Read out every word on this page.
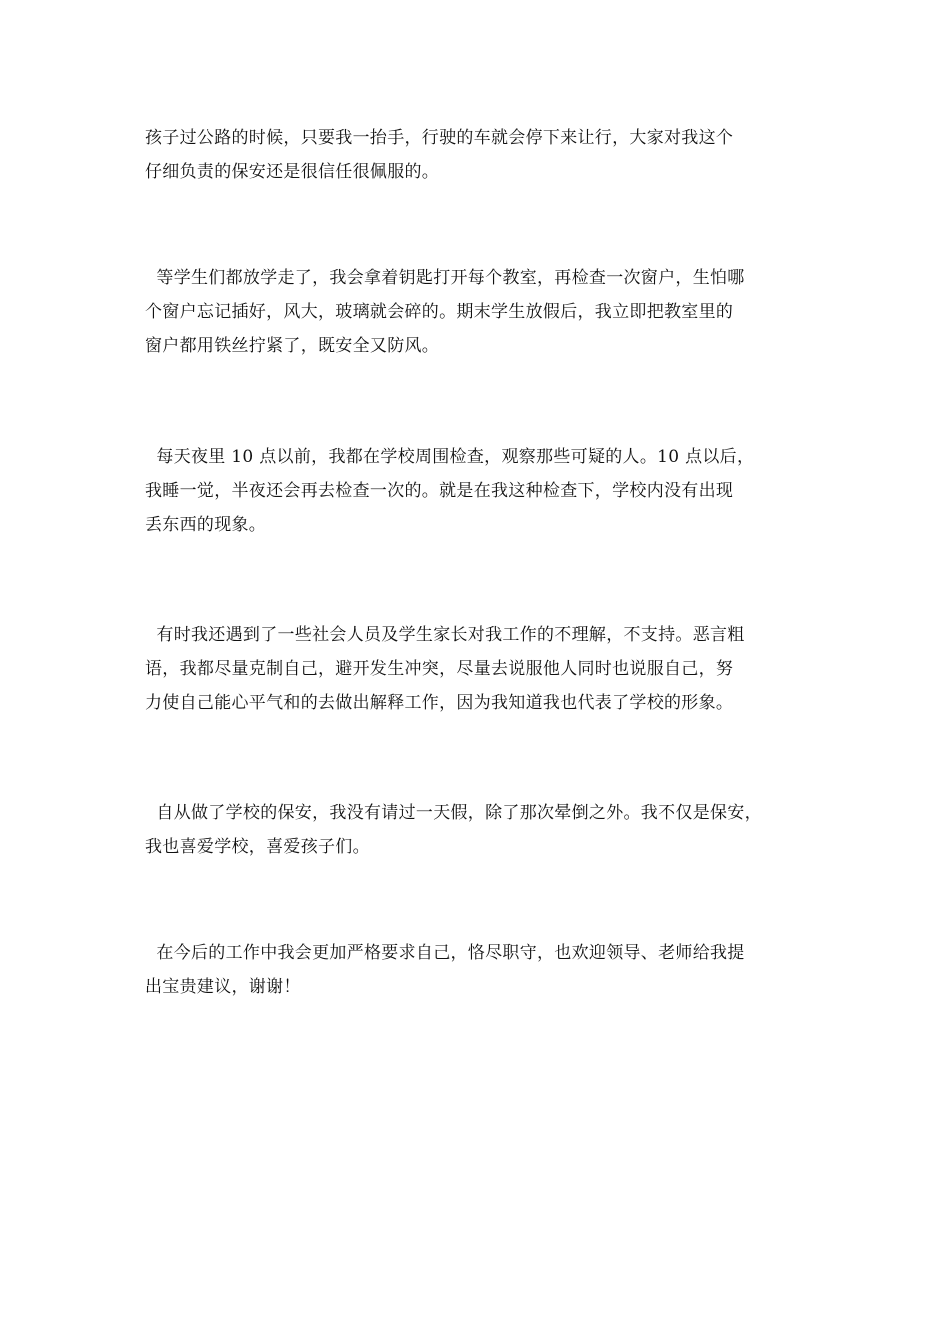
孩子过公路的时候，只要我一抬手，行驶的车就会停下来让行，大家对我这个
仔细负责的保安还是很信任很佩服的。

等学生们都放学走了，我会拿着钥匙打开每个教室，再检查一次窗户，生怕哪
个窗户忘记插好，风大，玻璃就会碎的。期末学生放假后，我立即把教室里的
窗户都用铁丝拧紧了，既安全又防风。

每天夜里 10 点以前，我都在学校周围检查，观察那些可疑的人。10 点以后，
我睡一觉，半夜还会再去检查一次的。就是在我这种检查下，学校内没有出现
丢东西的现象。

有时我还遇到了一些社会人员及学生家长对我工作的不理解，不支持。恶言粗
语，我都尽量克制自己，避开发生冲突，尽量去说服他人同时也说服自己，努
力使自己能心平气和的去做出解释工作，因为我知道我也代表了学校的形象。

自从做了学校的保安，我没有请过一天假，除了那次晕倒之外。我不仅是保安，
我也喜爱学校，喜爱孩子们。

在今后的工作中我会更加严格要求自己，恪尽职守，也欢迎领导、老师给我提
出宝贵建议，谢谢！
